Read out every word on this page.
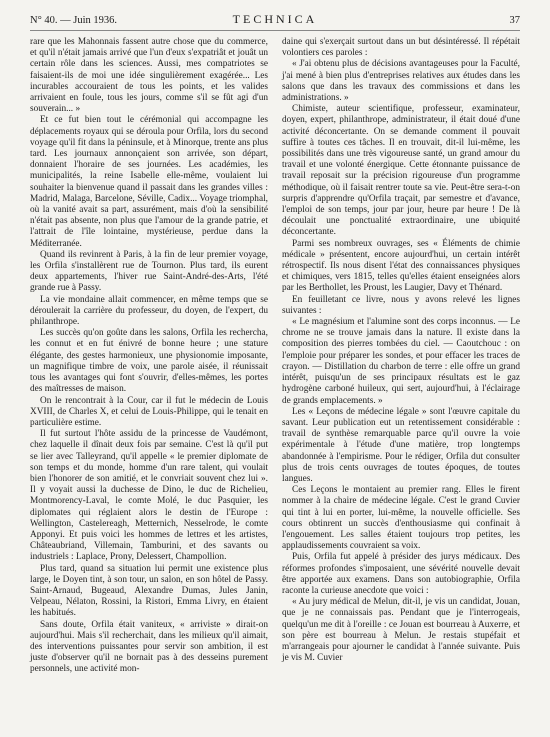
N° 40. — Juin 1936.	TECHNICA	37

rare que les Mahonnais fassent autre chose que du commerce, et qu'il n'était jamais arrivé que l'un d'eux s'expatriât et jouât un certain rôle dans les sciences. Aussi, mes compatriotes se faisaient-ils de moi une idée singulièrement exagérée... Les incurables accouraient de tous les points, et les valides arrivaient en foule, tous les jours, comme s'il se fût agi d'un souverain... »

Et ce fut bien tout le cérémonial qui accompagne les déplacements royaux qui se déroula pour Orfila, lors du second voyage qu'il fit dans la péninsule, et à Minorque, trente ans plus tard. Les journaux annonçaient son arrivée, son départ, donnaient l'horaire de ses journées. Les académies, les municipalités, la reine Isabelle elle-même, voulaient lui souhaiter la bienvenue quand il passait dans les grandes villes : Madrid, Malaga, Barcelone, Séville, Cadix... Voyage triomphal, où la vanité avait sa part, assurément, mais d'où la sensibilité n'était pas absente, non plus que l'amour de la grande patrie, et l'attrait de l'île lointaine, mystérieuse, perdue dans la Méditerranée.

Quand ils revinrent à Paris, à la fin de leur premier voyage, les Orfila s'installèrent rue de Tournon. Plus tard, ils eurent deux appartements, l'hiver rue Saint-André-des-Arts, l'été grande rue à Passy.

La vie mondaine allait commencer, en même temps que se déroulerait la carrière du professeur, du doyen, de l'expert, du philanthrope.

Les succès qu'on goûte dans les salons, Orfila les recherchа, les connut et en fut énivré de bonne heure ; une stature élégante, des gestes harmonieux, une physionomie imposante, un magnifique timbre de voix, une parole aisée, il réunissait tous les avantages qui font s'ouvrir, d'elles-mêmes, les portes des maîtresses de maison.

On le rencontrait à la Cour, car il fut le médecin de Louis XVIII, de Charles X, et celui de Louis-Philippe, qui le tenait en particulière estime.

Il fut surtout l'hôte assidu de la princesse de Vaudémont, chez laquelle il dînait deux fois par semaine. C'est là qu'il put se lier avec Talleyrand, qu'il appelle « le premier diplomate de son temps et du monde, homme d'un rare talent, qui voulait bien l'honorer de son amitié, et le convriait souvent chez lui ». Il y voyait aussi la duchesse de Dino, le duc de Richelieu, Montmorency-Laval, le comte Molé, le duc Pasquier, les diplomates qui réglaient alors le destin de l'Europe : Wellington, Castelereagh, Metternich, Nesselrode, le comte Apponyi. Et puis voici les hommes de lettres et les artistes, Châteaubriand, Villemain, Tamburini, et des savants ou industriels : Laplace, Prony, Delessert, Champollion.

Plus tard, quand sa situation lui permit une existence plus large, le Doyen tint, à son tour, un salon, en son hôtel de Passy. Saint-Arnaud, Bugeaud, Alexandre Dumas, Jules Janin, Velpeau, Nélaton, Rossini, la Ristori, Emma Livry, en étaient les habitués.

Sans doute, Orfila était vaniteux, « arriviste » dirait-on aujourd'hui. Mais s'il recherchait, dans les milieux qu'il aimait, des interventions puissantes pour servir son ambition, il est juste d'observer qu'il ne bornait pas à des desseins purement personnels, une activité mon-

daine qui s'exerçait surtout dans un but désintéressé. Il répétait volontiers ces paroles :

« J'ai obtenu plus de décisions avantageuses pour la Faculté, j'ai mené à bien plus d'entreprises relatives aux études dans les salons que dans les travaux des commissions et dans les administrations. »

Chimiste, auteur scientifique, professeur, examinateur, doyen, expert, philanthrope, administrateur, il était doué d'une activité déconcertante. On se demande comment il pouvait suffire à toutes ces tâches. Il en trouvait, dit-il lui-même, les possibilités dans une très vigoureuse santé, un grand amour du travail et une volonté énergique. Cette étonnante puissance de travail reposait sur la précision rigoureuse d'un programme méthodique, où il faisait rentrer toute sa vie. Peut-être sera-t-on surpris d'apprendre qu'Orfila traçait, par semestre et d'avance, l'emploi de son temps, jour par jour, heure par heure ! De là découlait une ponctualité extraordinaire, une ubiquité déconcertante.

Parmi ses nombreux ouvrages, ses « Éléments de chimie médicale » présentent, encore aujourd'hui, un certain intérêt rétrospectif. Ils nous disent l'état des connaissances physiques et chimiques, vers 1815, telles qu'elles étaient enseignées alors par les Berthollet, les Proust, les Laugier, Davy et Thénard.

En feuilletant ce livre, nous y avons relevé les lignes suivantes :

« Le magnésium et l'alumine sont des corps inconnus. — Le chrome ne se trouve jamais dans la nature. Il existe dans la composition des pierres tombées du ciel. — Caoutchouc : on l'emploie pour préparer les sondes, et pour effacer les traces de crayon. — Distillation du charbon de terre : elle offre un grand intérêt, puisqu'un de ses principaux résultats est le gaz hydrogène carboné huileux, qui sert, aujourd'hui, à l'éclairage de grands emplacements. »

Les « Leçons de médecine légale » sont l'œuvre capitale du savant. Leur publication eut un retentissement considérable : travail de synthèse remarquable parce qu'il ouvre la voie expérimentale à l'étude d'une matière, trop longtemps abandonnée à l'empirisme. Pour le rédiger, Orfila dut consulter plus de trois cents ouvrages de toutes époques, de toutes langues.

Ces Leçons le montaient au premier rang. Elles le firent nommer à la chaire de médecine légale. C'est le grand Cuvier qui tint à lui en porter, lui-même, la nouvelle officielle. Ses cours obtinrent un succès d'enthousiasme qui confinait à l'engouement. Les salles étaient toujours trop petites, les applaudissements couvraient sa voix.

Puis, Orfila fut appelé à présider des jurys médicaux. Des réformes profondes s'imposaient, une sévérité nouvelle devait être apportée aux examens. Dans son autobiographie, Orfila raconte la curieuse anecdote que voici :

« Au jury médical de Melun, dit-il, je vis un candidat, Jouan, que je ne connaissais pas. Pendant que je l'interrogeais, quelqu'un me dit à l'oreille : ce Jouan est bourreau à Auxerre, et son père est bourreau à Melun. Je restais stupéfait et m'arrangeais pour ajourner le candidat à l'année suivante. Puis je vis M. Cuvier
